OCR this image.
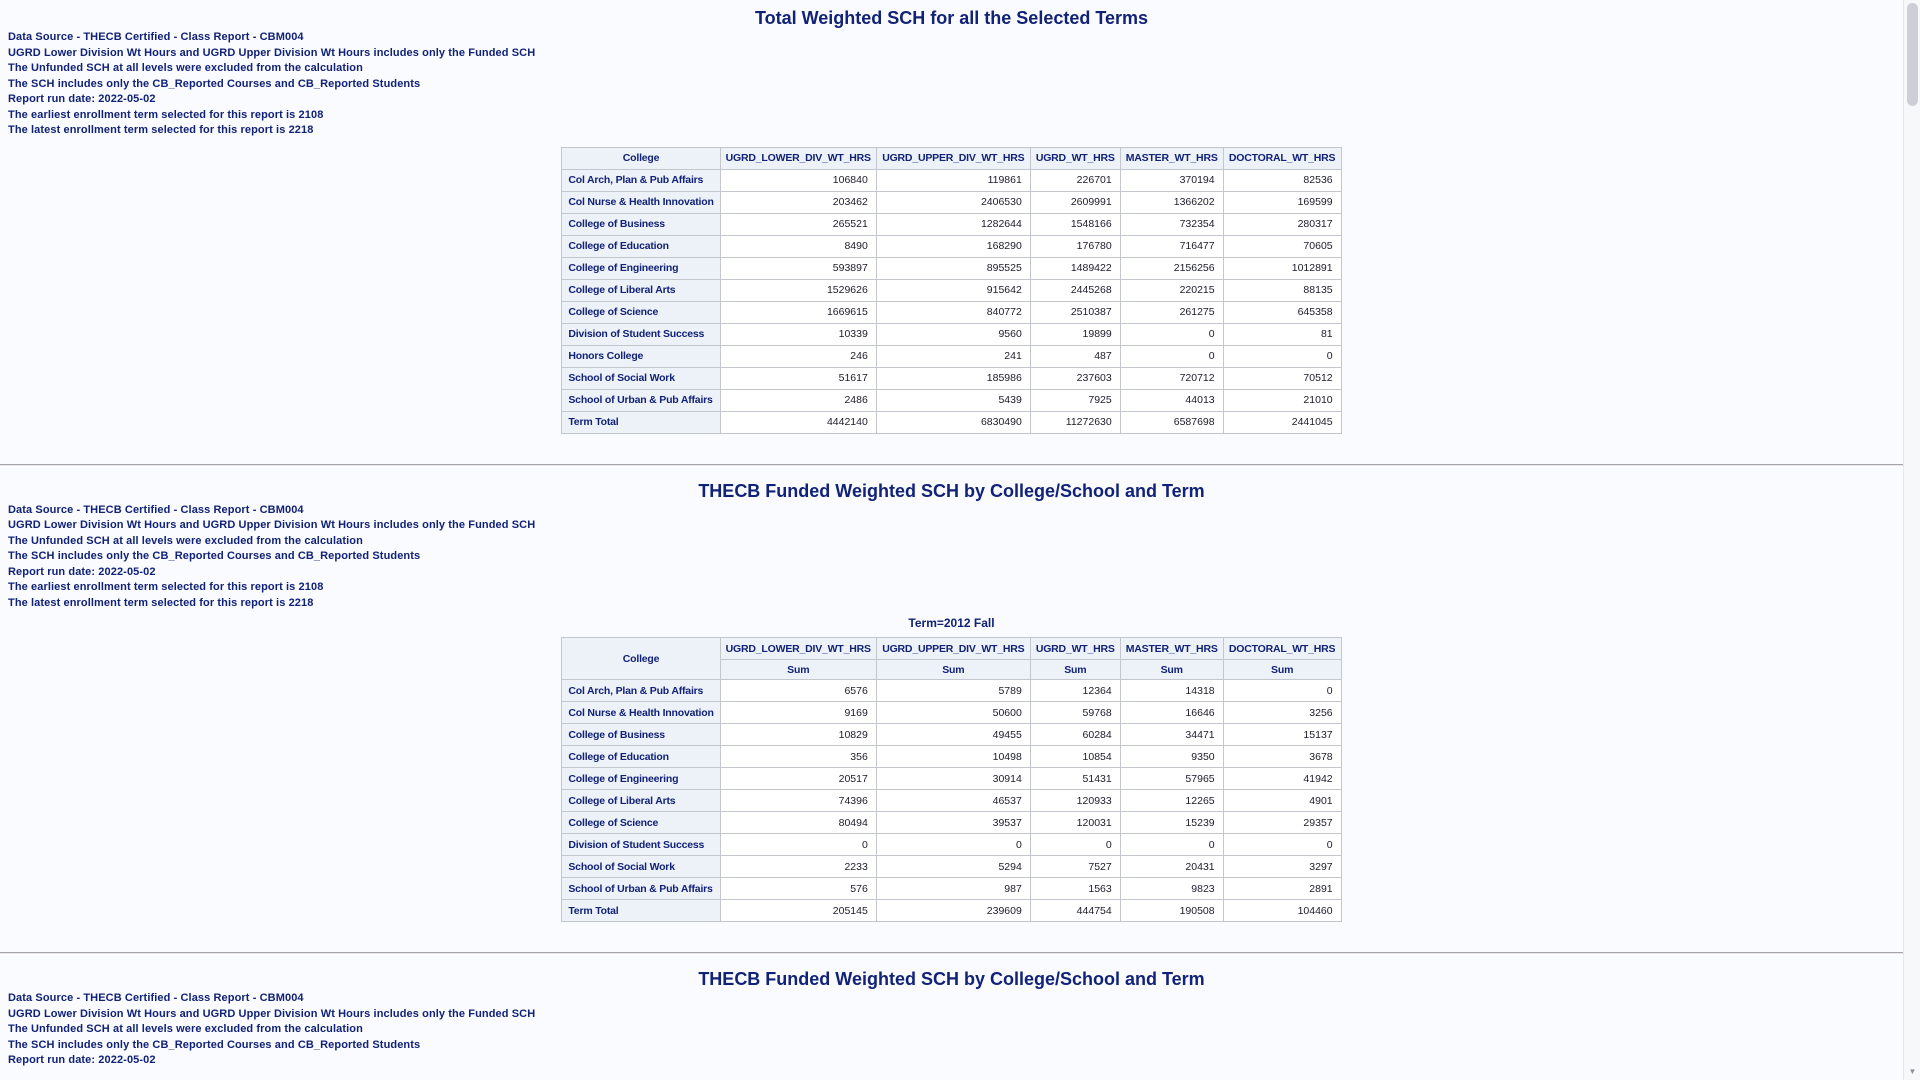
Total Weighted SCH for all the Selected Terms
Data Source - THECB Certified - Class Report - CBM004
UGRD Lower Division Wt Hours and UGRD Upper Division Wt Hours includes only the Funded SCH
The Unfunded SCH at all levels were excluded from the calculation
The SCH includes only the CB_Reported Courses and CB_Reported Students
Report run date: 2022-05-02
The earliest enrollment term selected for this report is 2108
The latest enrollment term selected for this report is 2218
College	UGRD_LOWER_DIV_WT_HRS	UGRD_UPPER_DIV_WT_HRS	UGRD_WT_HRS	MASTER_WT_HRS	DOCTORAL_WT_HRS
Col Arch, Plan & Pub Affairs	106840	119861	226701	370194	82536
Col Nurse & Health Innovation	203462	2406530	2609991	1366202	169599
College of Business	265521	1282644	1548166	732354	280317
College of Education	8490	168290	176780	716477	70605
College of Engineering	593897	895525	1489422	2156256	1012891
College of Liberal Arts	1529626	915642	2445268	220215	88135
College of Science	1669615	840772	2510387	261275	645358
Division of Student Success	10339	9560	19899	0	81
Honors College	246	241	487	0	0
School of Social Work	51617	185986	237603	720712	70512
School of Urban & Pub Affairs	2486	5439	7925	44013	21010
Term Total	4442140	6830490	11272630	6587698	2441045
THECB Funded Weighted SCH by College/School and Term
Data Source - THECB Certified - Class Report - CBM004
UGRD Lower Division Wt Hours and UGRD Upper Division Wt Hours includes only the Funded SCH
The Unfunded SCH at all levels were excluded from the calculation
The SCH includes only the CB_Reported Courses and CB_Reported Students
Report run date: 2022-05-02
The earliest enrollment term selected for this report is 2108
The latest enrollment term selected for this report is 2218
Term=2012 Fall
College	UGRD_LOWER_DIV_WT_HRS	UGRD_UPPER_DIV_WT_HRS	UGRD_WT_HRS	MASTER_WT_HRS	DOCTORAL_WT_HRS
	Sum	Sum	Sum	Sum	Sum
Col Arch, Plan & Pub Affairs	6576	5789	12364	14318	0
Col Nurse & Health Innovation	9169	50600	59768	16646	3256
College of Business	10829	49455	60284	34471	15137
College of Education	356	10498	10854	9350	3678
College of Engineering	20517	30914	51431	57965	41942
College of Liberal Arts	74396	46537	120933	12265	4901
College of Science	80494	39537	120031	15239	29357
Division of Student Success	0	0	0	0	0
School of Social Work	2233	5294	7527	20431	3297
School of Urban & Pub Affairs	576	987	1563	9823	2891
Term Total	205145	239609	444754	190508	104460
THECB Funded Weighted SCH by College/School and Term
Data Source - THECB Certified - Class Report - CBM004
UGRD Lower Division Wt Hours and UGRD Upper Division Wt Hours includes only the Funded SCH
The Unfunded SCH at all levels were excluded from the calculation
The SCH includes only the CB_Reported Courses and CB_Reported Students
Report run date: 2022-05-02
▼
